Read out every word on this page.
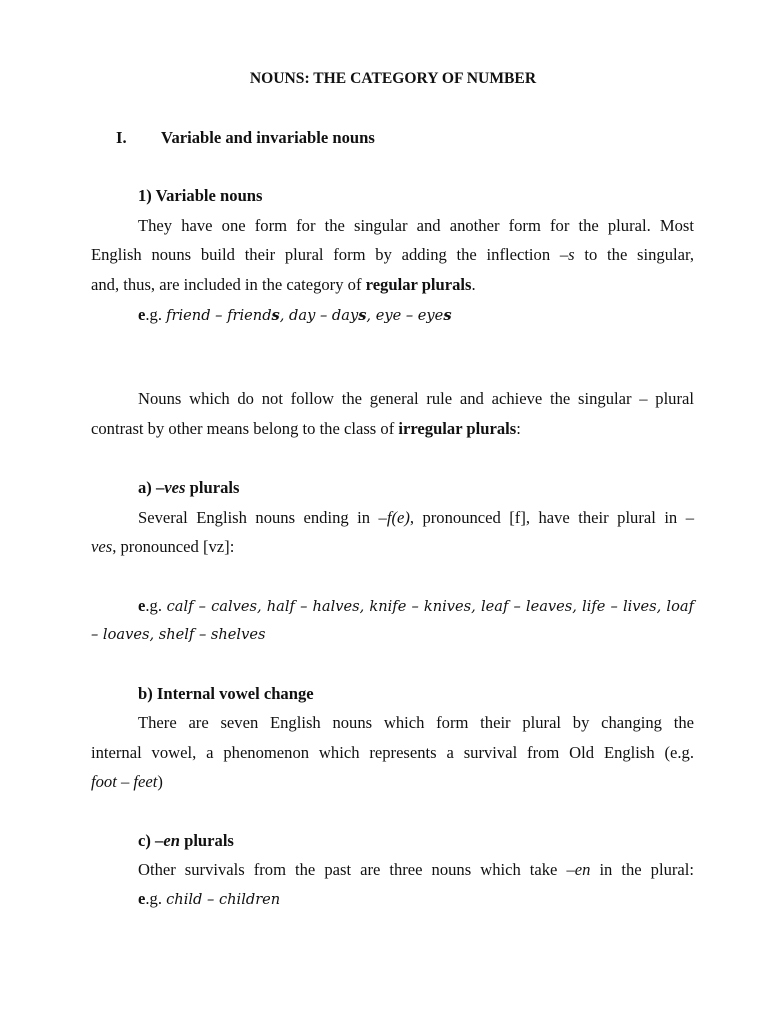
NOUNS: THE CATEGORY OF NUMBER
I. Variable and invariable nouns
1) Variable nouns
They have one form for the singular and another form for the plural. Most
English nouns build their plural form by adding the inflection –s to the singular,
and, thus, are included in the category of regular plurals.
e.g. friend – friends, day – days, eye – eyes
Nouns which do not follow the general rule and achieve the singular – plural
contrast by other means belong to the class of irregular plurals:
a) –ves plurals
Several English nouns ending in –f(e), pronounced [f], have their plural in –
ves, pronounced [vz]:
e.g. calf – calves, half – halves, knife – knives, leaf – leaves, life – lives, loaf
– loaves, shelf – shelves
b) Internal vowel change
There are seven English nouns which form their plural by changing the
internal vowel, a phenomenon which represents a survival from Old English (e.g.
foot – feet)
c) –en plurals
Other survivals from the past are three nouns which take –en in the plural:
e.g. child – children
